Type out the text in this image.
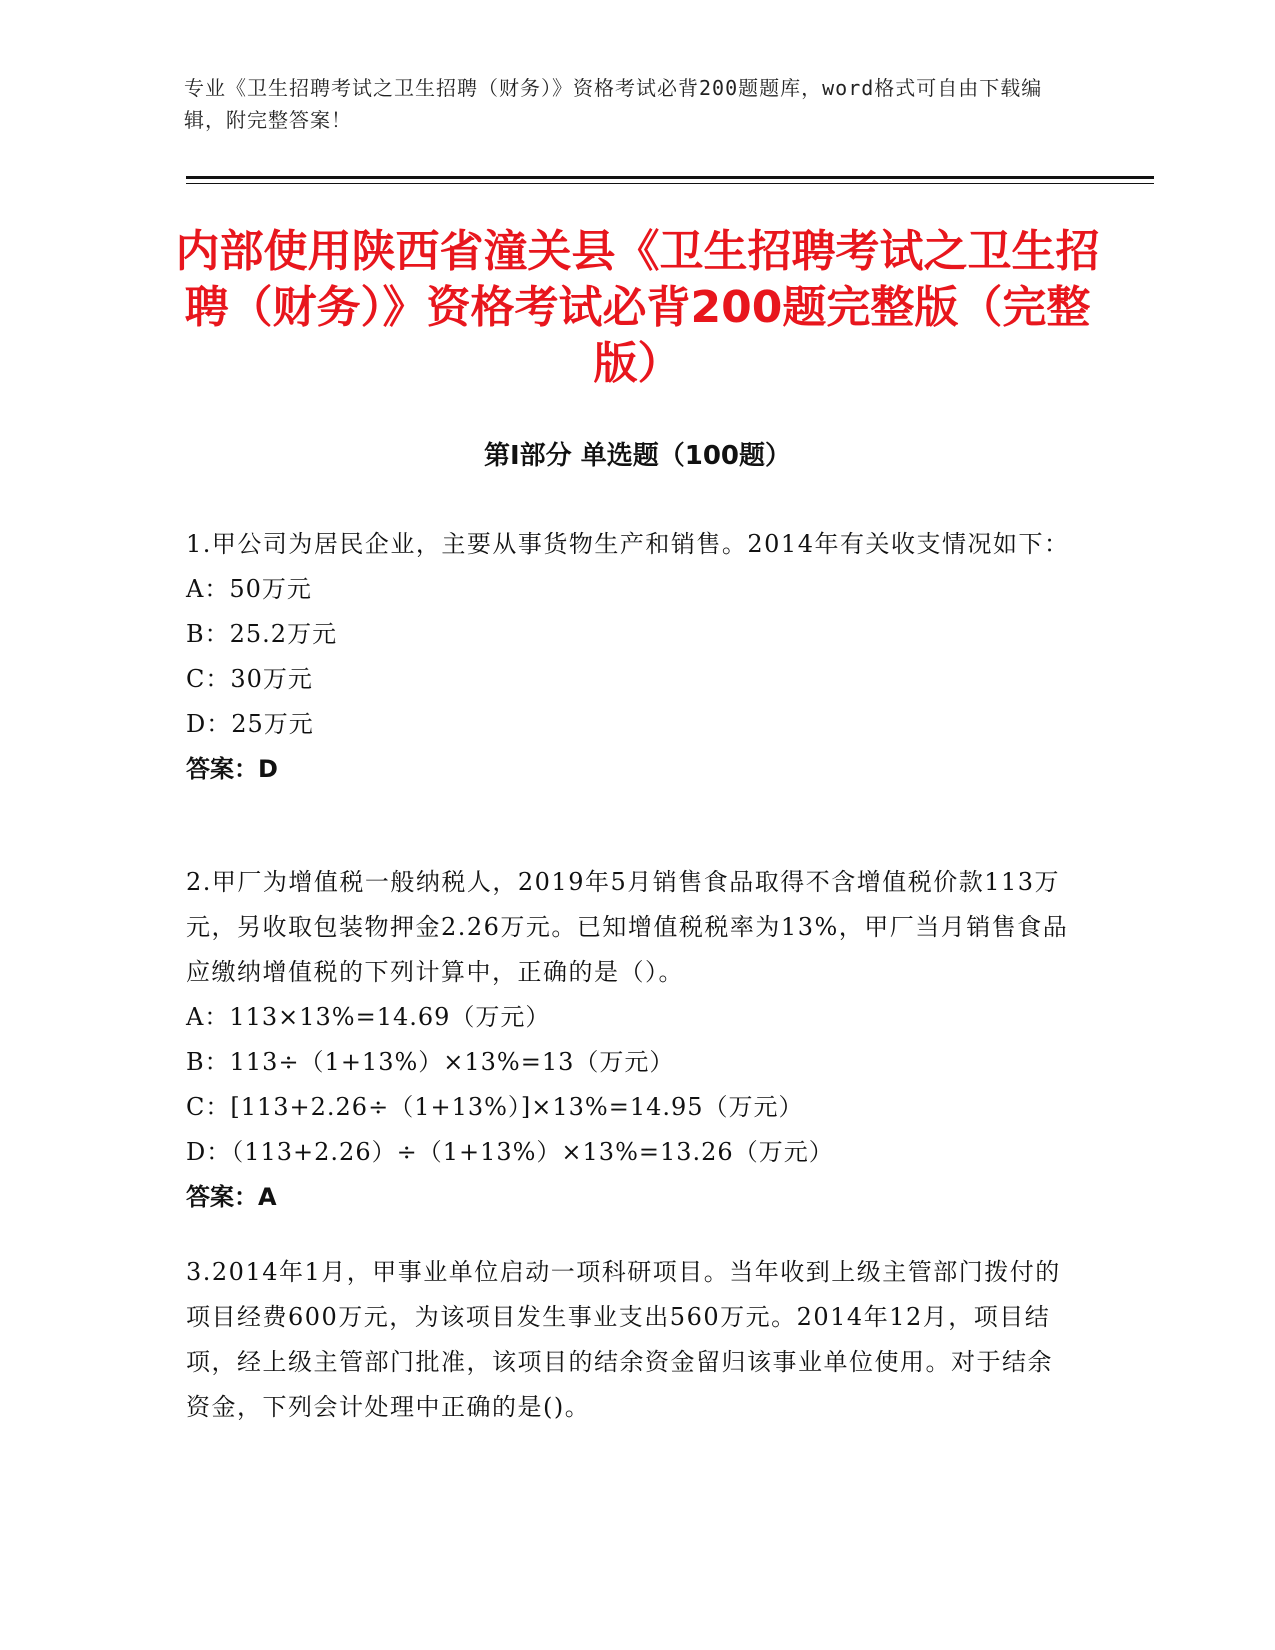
专业《卫生招聘考试之卫生招聘（财务）》资格考试必背200题题库，word格式可自由下载编辑，附完整答案！
内部使用陕西省潼关县《卫生招聘考试之卫生招聘（财务）》资格考试必背200题完整版（完整版）
第Ⅰ部分 单选题（100题）
1.甲公司为居民企业，主要从事货物生产和销售。2014年有关收支情况如下：
A：50万元
B：25.2万元
C：30万元
D：25万元
答案：D
2.甲厂为增值税一般纳税人，2019年5月销售食品取得不含增值税价款113万元，另收取包装物押金2.26万元。已知增值税税率为13%，甲厂当月销售食品应缴纳增值税的下列计算中，正确的是（）。
A：113×13%=14.69（万元）
B：113÷（1+13%）×13%=13（万元）
C：[113+2.26÷（1+13%）]×13%=14.95（万元）
D：（113+2.26）÷（1+13%）×13%=13.26（万元）
答案：A
3.2014年1月，甲事业单位启动一项科研项目。当年收到上级主管部门拨付的项目经费600万元，为该项目发生事业支出560万元。2014年12月，项目结项，经上级主管部门批准，该项目的结余资金留归该事业单位使用。对于结余资金，下列会计处理中正确的是()。
